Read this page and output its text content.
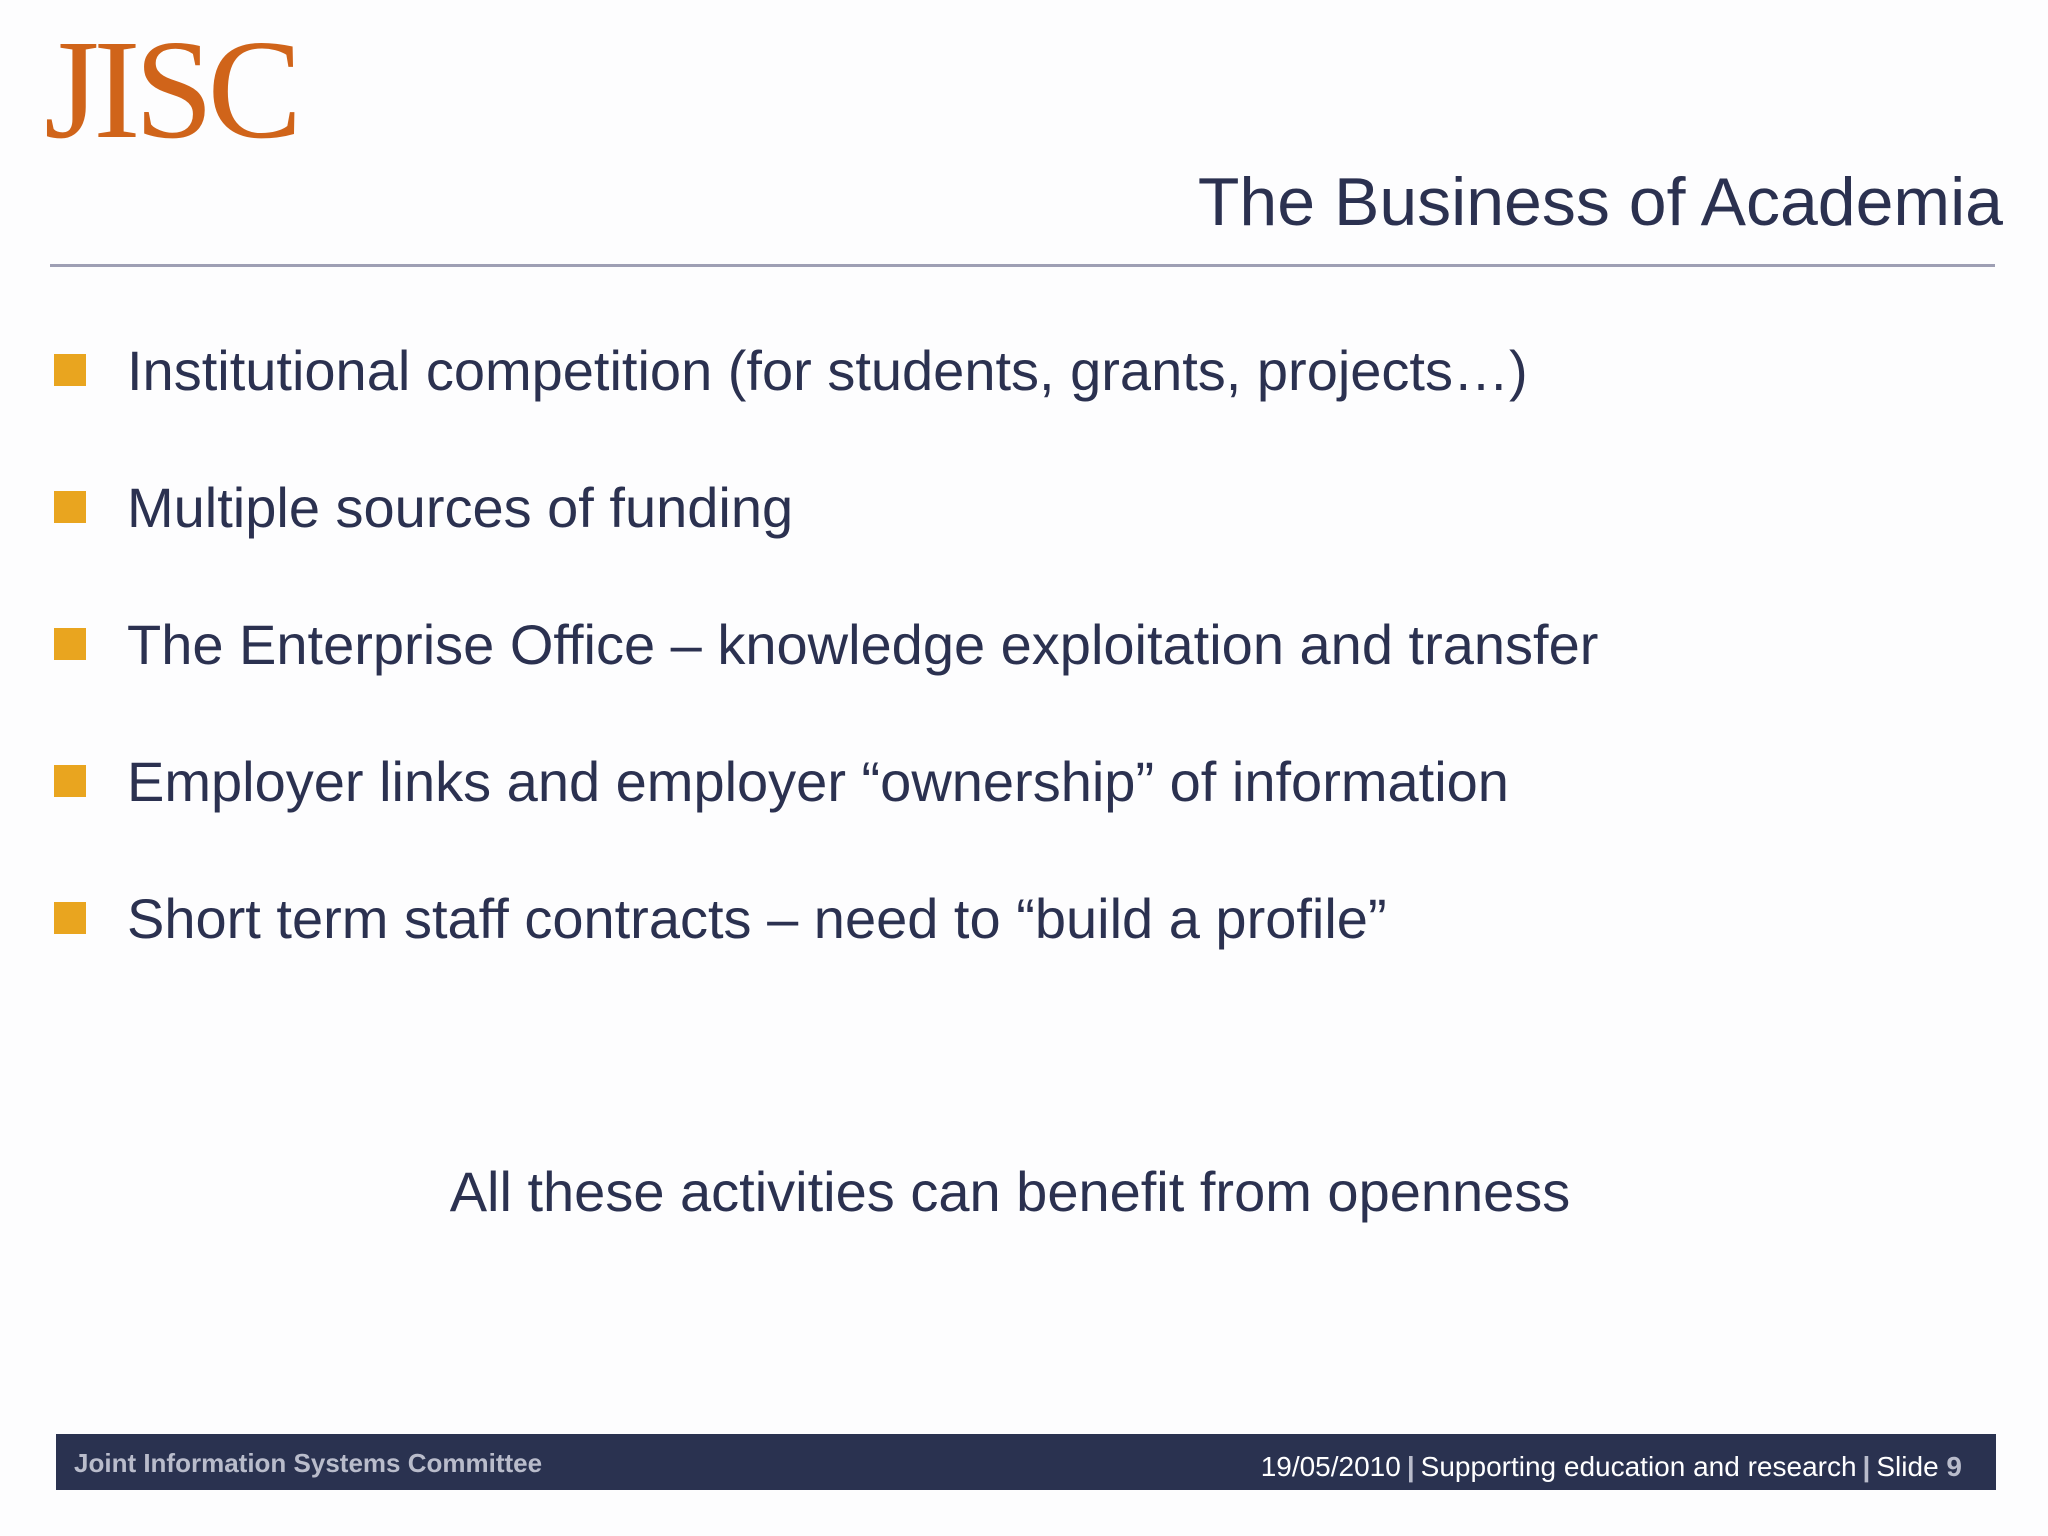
JISC
The Business of Academia
Institutional competition (for students, grants, projects…)
Multiple sources of funding
The Enterprise Office – knowledge exploitation and transfer
Employer links and employer “ownership” of information
Short term staff contracts – need to “build a profile”
All these activities can benefit from openness
Joint Information Systems Committee	19/05/2010 | Supporting education and research | Slide 9
